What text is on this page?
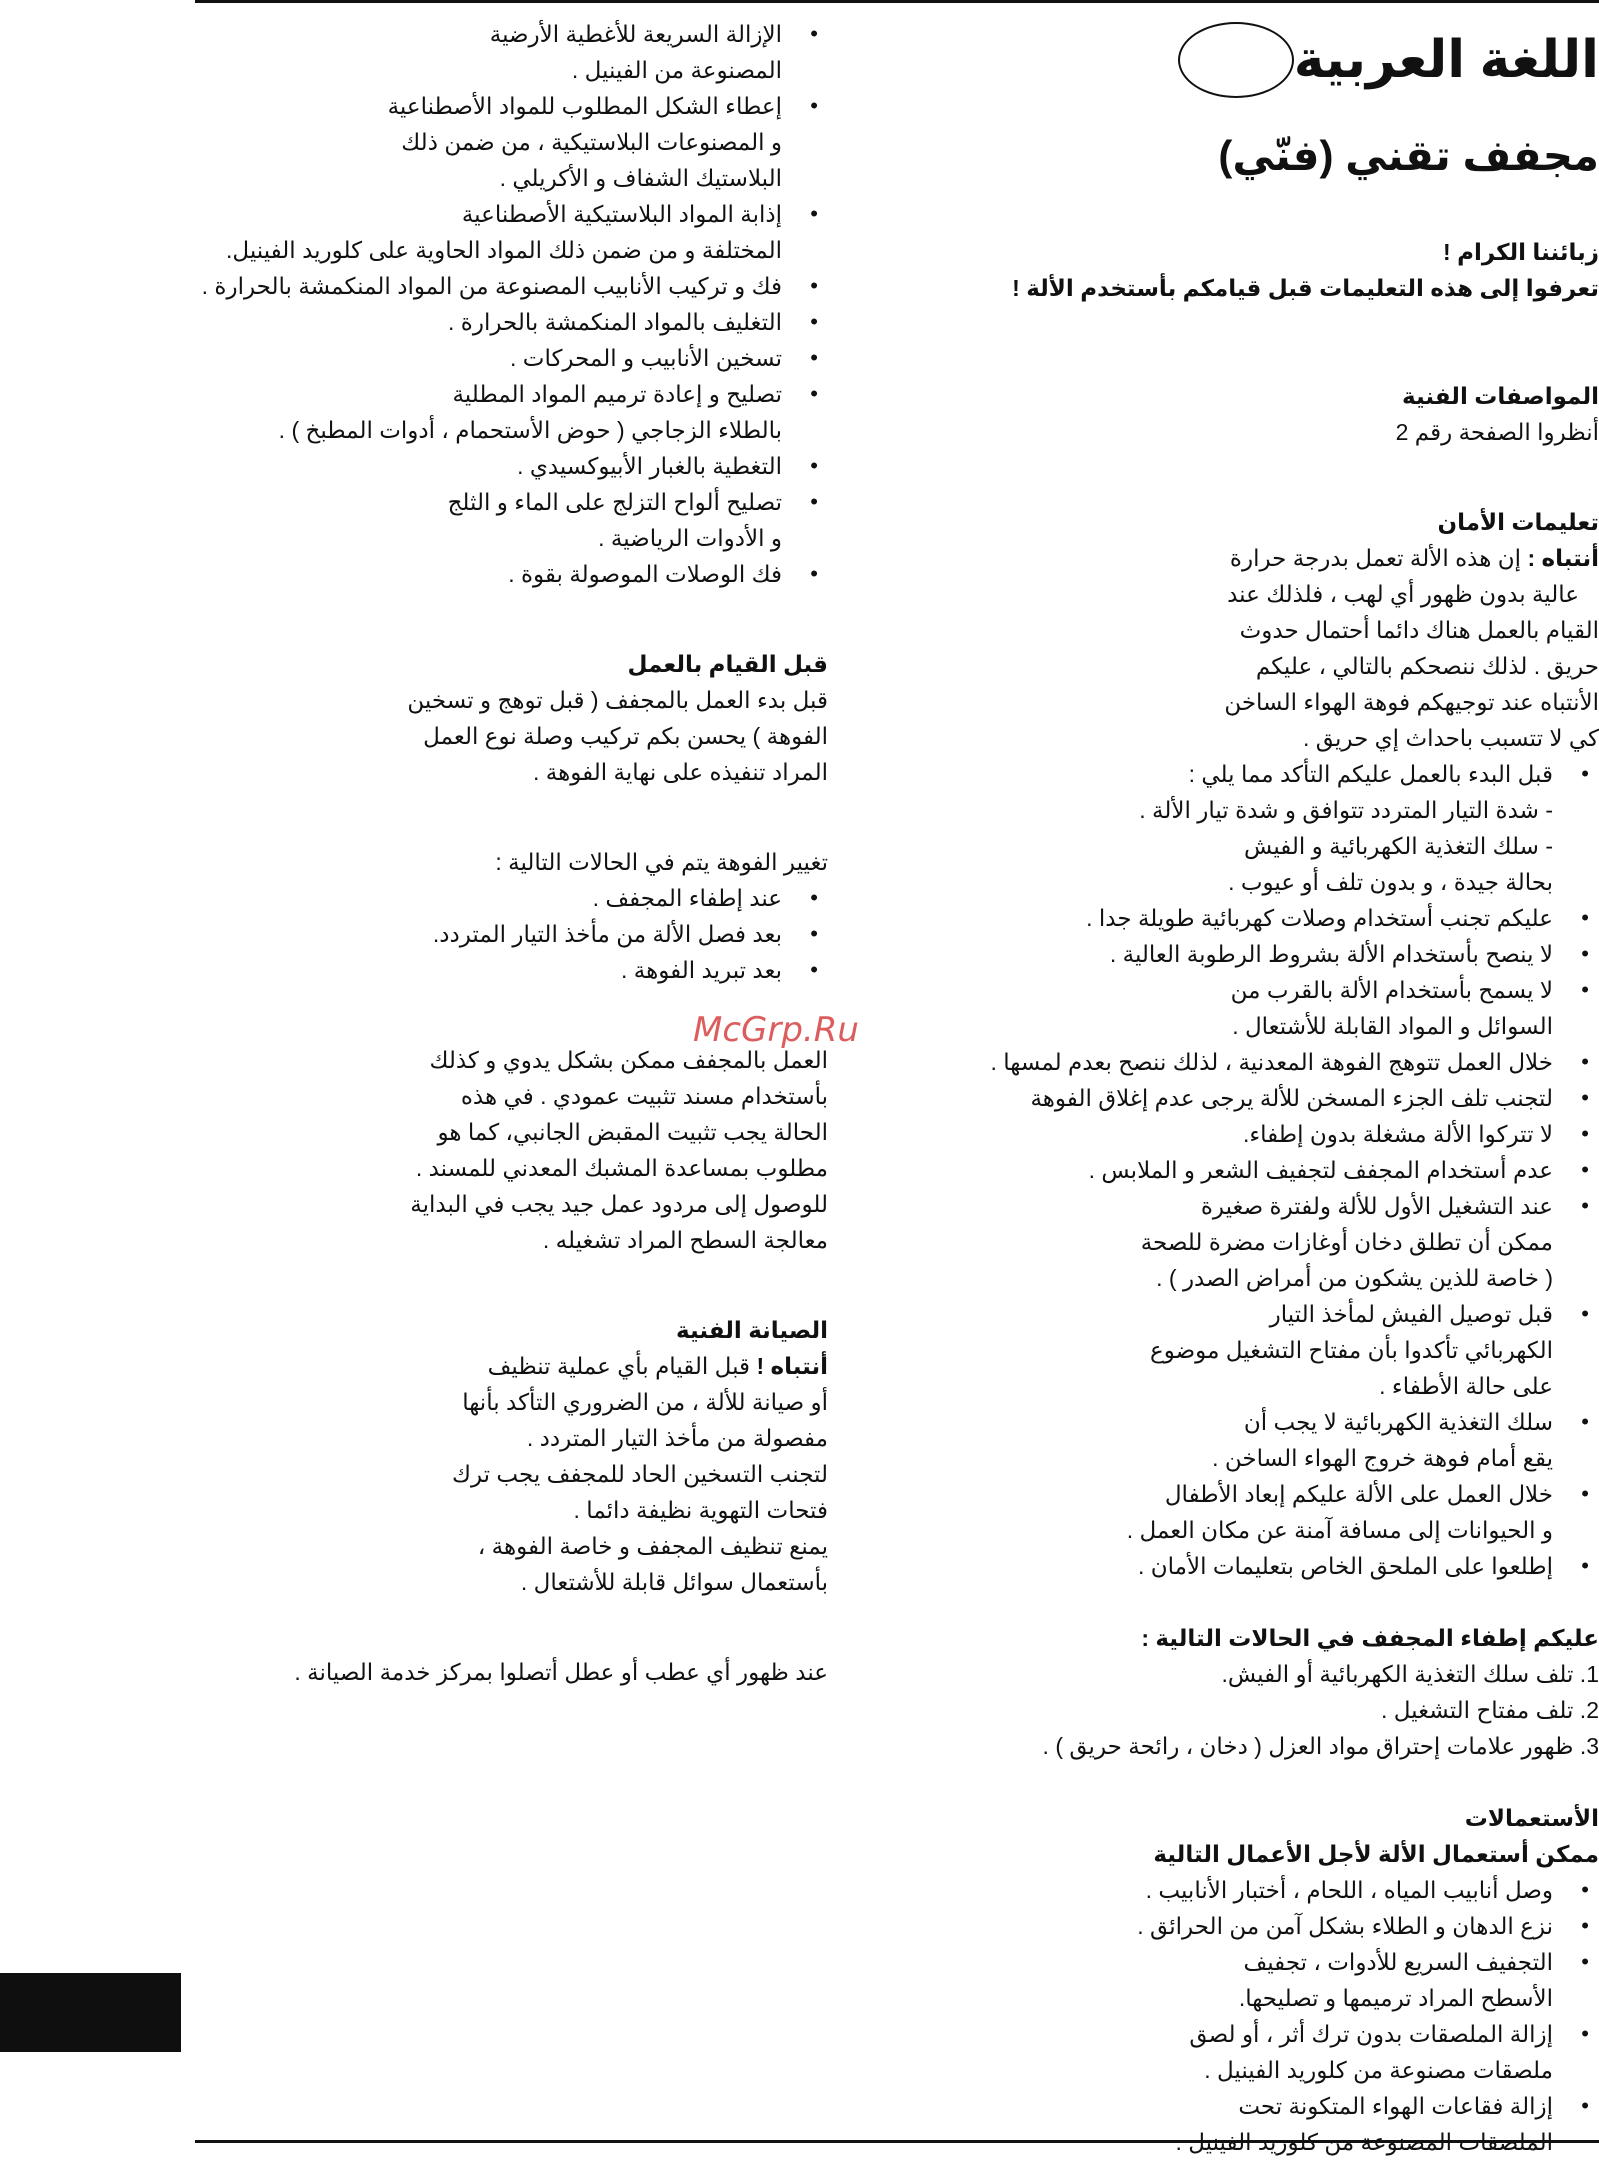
اللغة العربية
مجفف تقني (فنّي)

زبائننا الكرام !

تعرفوا إلى هذه التعليمات قبل قيامكم بأستخدم الألة !

المواصفات الفنية

أنظروا الصفحة رقم 2

تعليمات الأمان

أنتباه : إن هذه الألة تعمل بدرجة حرارة

عالية بدون ظهور أي لهب ، فلذلك عند

القيام بالعمل هناك دائما أحتمال حدوث

حريق . لذلك ننصحكم بالتالي ، عليكم

الأنتباه عند توجيهكم فوهة الهواء الساخن

كي لا تتسبب باحداث إي حريق .

• قبل البدء بالعمل عليكم التأكد مما يلي :
- شدة التيار المتردد تتوافق و شدة تيار الألة .
- سلك التغذية الكهربائية و الفيش
بحالة جيدة ، و بدون تلف أو عيوب .
• عليكم تجنب أستخدام وصلات كهربائية طويلة جدا .
• لا ينصح بأستخدام الألة بشروط الرطوبة العالية .
• لا يسمح بأستخدام الألة بالقرب من
السوائل و المواد القابلة للأشتعال .
• خلال العمل تتوهج الفوهة المعدنية ، لذلك ننصح بعدم لمسها .
• لتجنب تلف الجزء المسخن للألة يرجى عدم إغلاق الفوهة
• لا تتركوا الألة مشغلة بدون إطفاء.
• عدم أستخدام المجفف لتجفيف الشعر و الملابس .
• عند التشغيل الأول للألة ولفترة صغيرة
ممكن أن تطلق دخان أوغازات مضرة للصحة
( خاصة للذين يشكون من أمراض الصدر ) .
• قبل توصيل الفيش لمأخذ التيار
الكهربائي تأكدوا بأن مفتاح التشغيل موضوع
على حالة الأطفاء .
• سلك التغذية الكهربائية لا يجب أن
يقع أمام فوهة خروج الهواء الساخن .
• خلال العمل على الألة عليكم إبعاد الأطفال
و الحيوانات إلى مسافة آمنة عن مكان العمل .
• إطلعوا على الملحق الخاص بتعليمات الأمان .

عليكم إطفاء المجفف في الحالات التالية :

1. تلف سلك التغذية الكهربائية أو الفيش.
2. تلف مفتاح التشغيل .
3. ظهور علامات إحتراق مواد العزل ( دخان ، رائحة حريق ) .

الأستعمالات

ممكن أستعمال الألة لأجل الأعمال التالية

• وصل أنابيب المياه ، اللحام ، أختبار الأنابيب .
• نزع الدهان و الطلاء بشكل آمن من الحرائق .
• التجفيف السريع للأدوات ، تجفيف
الأسطح المراد ترميمها و تصليحها.
• إزالة الملصقات بدون ترك أثر ، أو لصق
ملصقات مصنوعة من كلوريد الفينيل .
• إزالة فقاعات الهواء المتكونة تحت
الملصقات المصنوعة من كلوريد الفينيل .
• الإزالة السريعة للأغطية الأرضية
المصنوعة من الفينيل .
• إعطاء الشكل المطلوب للمواد الأصطناعية
و المصنوعات البلاستيكية ، من ضمن ذلك
البلاستيك الشفاف و الأكريلي .
• إذابة المواد البلاستيكية الأصطناعية
المختلفة و من ضمن ذلك المواد الحاوية على كلوريد الفينيل.
• فك و تركيب الأنابيب المصنوعة من المواد المنكمشة بالحرارة .
• التغليف بالمواد المنكمشة بالحرارة .
• تسخين الأنابيب و المحركات .
• تصليح و إعادة ترميم المواد المطلية
بالطلاء الزجاجي ( حوض الأستحمام ، أدوات المطبخ ) .
• التغطية بالغبار الأبيوكسيدي .
• تصليح ألواح التزلج على الماء و الثلج
و الأدوات الرياضية .
• فك الوصلات الموصولة بقوة .

قبل القيام بالعمل

قبل بدء العمل بالمجفف ( قبل توهج و تسخين

الفوهة ) يحسن بكم تركيب وصلة نوع العمل

المراد تنفيذه على نهاية الفوهة .

تغيير الفوهة يتم في الحالات التالية :

• عند إطفاء المجفف .
• بعد فصل الألة من مأخذ التيار المتردد.
• بعد تبريد الفوهة .

العمل بالمجفف ممكن بشكل يدوي و كذلك

بأستخدام مسند تثبيت عمودي . في هذه

الحالة يجب تثبيت المقبض الجانبي، كما هو

مطلوب بمساعدة المشبك المعدني للمسند .

للوصول إلى مردود عمل جيد يجب في البداية

معالجة السطح المراد تشغيله .

الصيانة الفنية

أنتباه ! قبل القيام بأي عملية تنظيف

أو صيانة للألة ، من الضروري التأكد بأنها

مفصولة من مأخذ التيار المتردد .

لتجنب التسخين الحاد للمجفف يجب ترك

فتحات التهوية نظيفة دائما .

يمنع تنظيف المجفف و خاصة الفوهة ،

بأستعمال سوائل قابلة للأشتعال .

عند ظهور أي عطب أو عطل أتصلوا بمركز خدمة الصيانة .

McGrp.Ru
